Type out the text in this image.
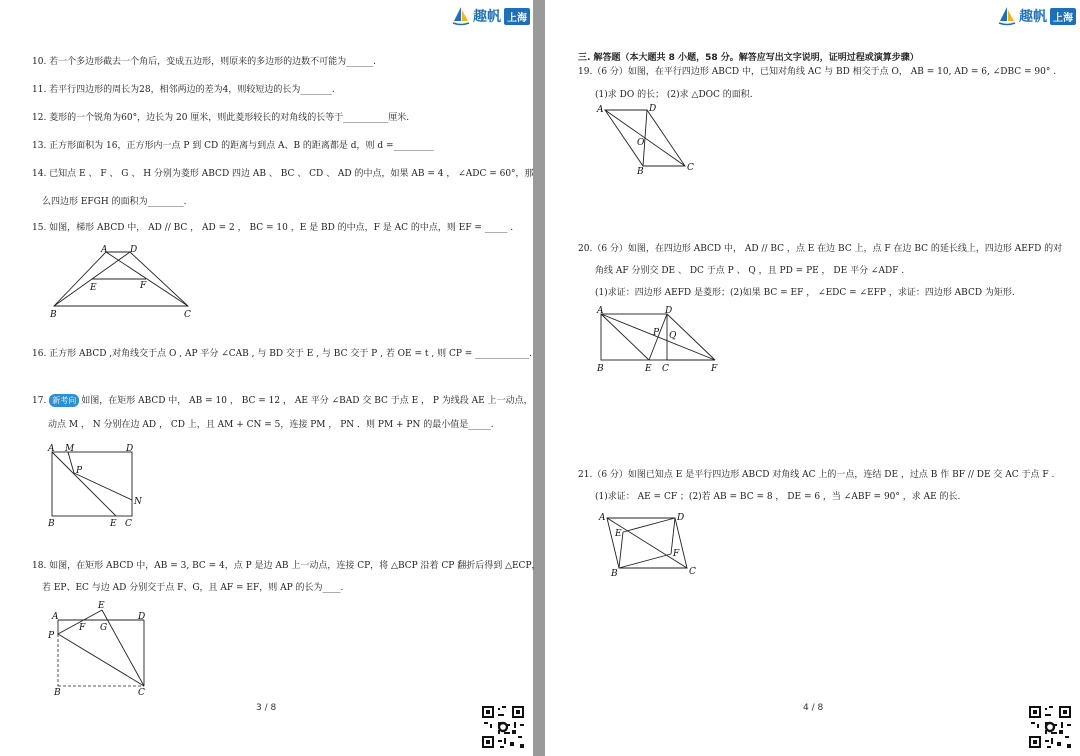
趣帆 上海
10. 若一个多边形截去一个角后，变成五边形，则原来的多边形的边数不可能为______.
11. 若平行四边形的周长为28，相邻两边的差为4，则较短边的长为_______.
12. 菱形的一个锐角为60°，边长为 20 厘米，则此菱形较长的对角线的长等于__________厘米.
13. 正方形面积为 16，正方形内一点 P 到 CD 的距离与到点 A、B 的距离都是 d，则 d =_________
14. 已知点 E 、 F 、 G 、 H 分别为菱形 ABCD 四边 AB 、 BC 、 CD 、 AD 的中点，如果 AB = 4 ， ∠ADC = 60°，那
么四边形 EFGH 的面积为________.
15. 如图，梯形 ABCD 中， AD // BC ， AD = 2 ， BC = 10 ，E 是 BD 的中点，F 是 AC 的中点，则 EF = _____ .
A	D
E	F
B	C
16. 正方形 ABCD ,对角线交于点 O , AP 平分 ∠CAB , 与 BD 交于 E , 与 BC 交于 P , 若 OE = t , 则 CP = ____________.
17. 新考向 如图，在矩形 ABCD 中， AB = 10 ， BC = 12 ， AE 平分 ∠BAD 交 BC 于点 E ， P 为线段 AE 上一动点，
动点 M ， N 分别在边 AD ， CD 上，且 AM + CN = 5，连接 PM ， PN ．则 PM + PN 的最小值是_____.
A M	D
P
N
B	E C
18. 如图，在矩形 ABCD 中，AB = 3, BC = 4，点 P 是边 AB 上一动点，连接 CP，将 △BCP 沿着 CP 翻折后得到 △ECP，
若 EP、EC 与边 AD 分别交于点 F、G，且 AF = EF，则 AP 的长为____.
A
E
D
F G
P
B	C
3 / 8
趣帆 上海
三. 解答题（本大题共 8 小题，58 分。解答应写出文字说明，证明过程或演算步骤）
19.（6 分）如图，在平行四边形 ABCD 中，已知对角线 AC 与 BD 相交于点 O， AB = 10, AD = 6, ∠DBC = 90° .
(1)求 DO 的长； (2)求 △DOC 的面积.
A	D
O
B	C
20.（6 分）如图，在四边形 ABCD 中， AD // BC ，点 E 在边 BC 上，点 F 在边 BC 的延长线上，四边形 AEFD 的对
角线 AF 分别交 DE 、 DC 于点 P 、 Q ，且 PD = PE ， DE 平分 ∠ADF .
(1)求证：四边形 AEFD 是菱形；(2)如果 BC = EF ， ∠EDC = ∠EFP ，求证：四边形 ABCD 为矩形.
A	D
P Q
B	E C	F
21.（6 分）如图已知点 E 是平行四边形 ABCD 对角线 AC 上的一点，连结 DE ，过点 B 作 BF // DE 交 AC 于点 F .
(1)求证： AE = CF ；(2)若 AB = BC = 8 ， DE = 6 ，当 ∠ABF = 90° ，求 AE 的长.
A	D
E
F
B	C
4 / 8
